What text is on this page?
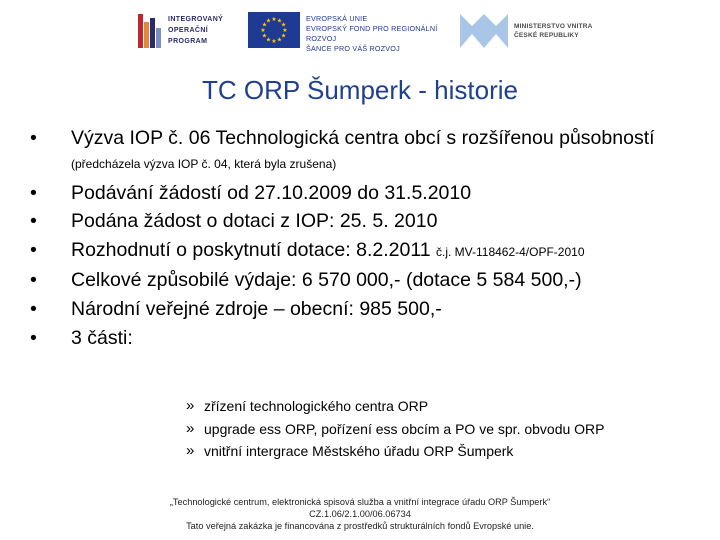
INTEGROVANÝ
OPERAČNÍ
PROGRAM
★
★
★
★
★
★
★
★
★ ★ ★
★
EVROPSKÁ UNIE
EVROPSKÝ FOND PRO REGIONÁLNÍ ROZVOJ
ŠANCE PRO VÁŠ ROZVOJ
MINISTERSTVO VNITRA
ČESKÉ REPUBLIKY
TC ORP Šumperk - historie
• Výzva IOP č. 06 Technologická centra obcí s rozšířenou působností (předcházela výzva IOP č. 04, která byla zrušena)
• Podávání žádostí od 27.10.2009 do 31.5.2010
• Podána žádost o dotaci z IOP: 25. 5. 2010
• Rozhodnutí o poskytnutí dotace: 8.2.2011 č.j. MV-118462-4/OPF-2010
• Celkové způsobilé výdaje: 6 570 000,- (dotace 5 584 500,-)
• Národní veřejné zdroje – obecní: 985 500,-
• 3 části:
» zřízení technologického centra ORP
» upgrade ess ORP, pořízení ess obcím a PO ve spr. obvodu ORP
» vnitřní intergrace Městského úřadu ORP Šumperk
„Technologické centrum, elektronická spisová služba a vnitřní integrace úřadu ORP Šumperk“
CZ.1.06/2.1.00/06.06734
Tato veřejná zakázka je financována z prostředků strukturálních fondů Evropské unie.
